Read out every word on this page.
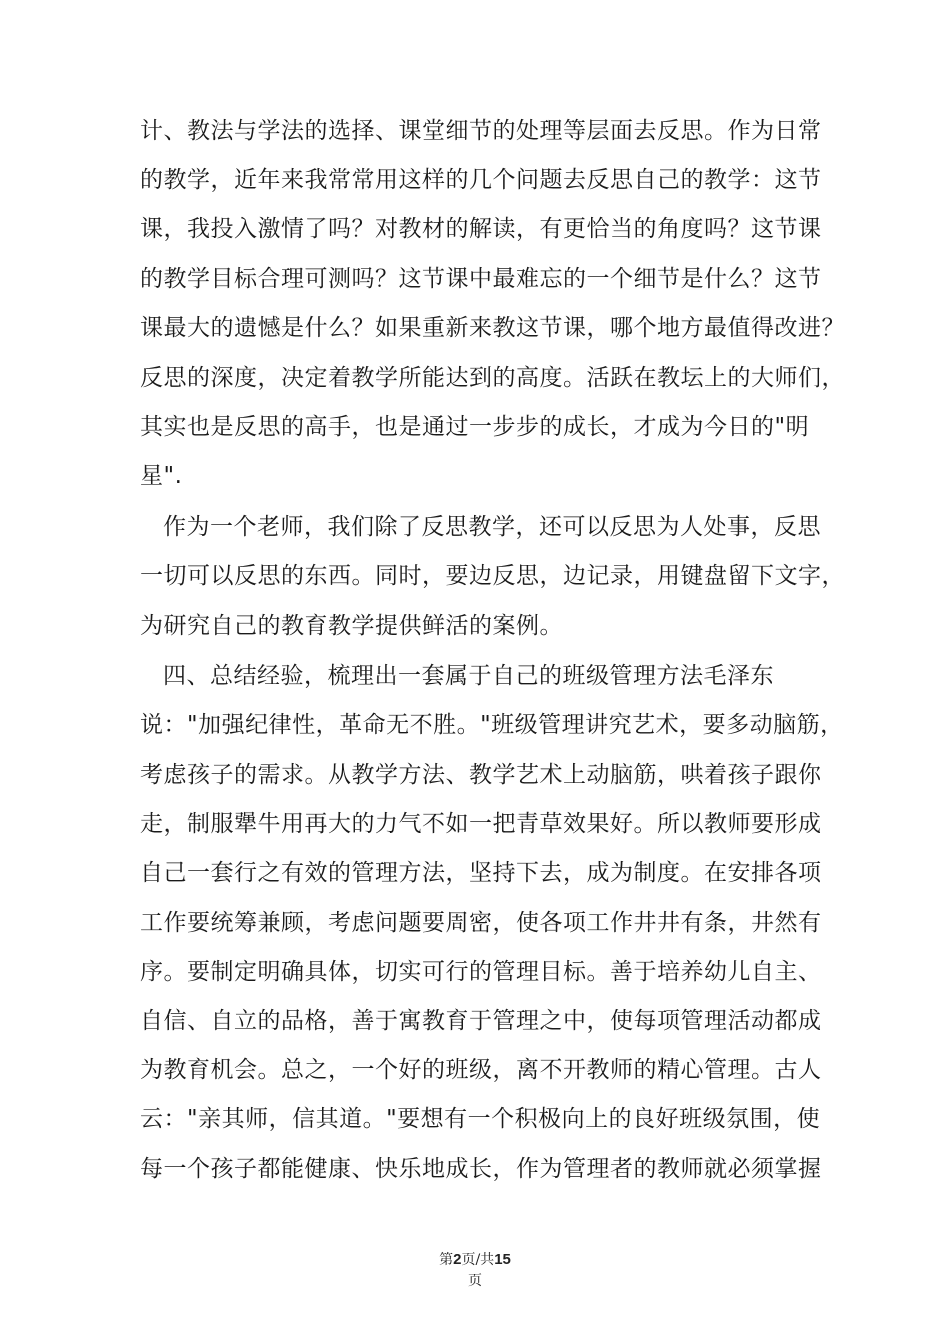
计、教法与学法的选择、课堂细节的处理等层面去反思。作为日常
的教学，近年来我常常用这样的几个问题去反思自己的教学：这节
课，我投入激情了吗？对教材的解读，有更恰当的角度吗？这节课
的教学目标合理可测吗？这节课中最难忘的一个细节是什么？这节
课最大的遗憾是什么？如果重新来教这节课，哪个地方最值得改进？
反思的深度，决定着教学所能达到的高度。活跃在教坛上的大师们，
其实也是反思的高手，也是通过一步步的成长，才成为今日的"明
星".
作为一个老师，我们除了反思教学，还可以反思为人处事，反思
一切可以反思的东西。同时，要边反思，边记录，用键盘留下文字，
为研究自己的教育教学提供鲜活的案例。
四、总结经验，梳理出一套属于自己的班级管理方法毛泽东
说："加强纪律性，革命无不胜。"班级管理讲究艺术，要多动脑筋，
考虑孩子的需求。从教学方法、教学艺术上动脑筋，哄着孩子跟你
走，制服犟牛用再大的力气不如一把青草效果好。所以教师要形成
自己一套行之有效的管理方法，坚持下去，成为制度。在安排各项
工作要统筹兼顾，考虑问题要周密，使各项工作井井有条，井然有
序。要制定明确具体，切实可行的管理目标。善于培养幼儿自主、
自信、自立的品格，善于寓教育于管理之中，使每项管理活动都成
为教育机会。总之，一个好的班级，离不开教师的精心管理。古人
云："亲其师，信其道。"要想有一个积极向上的良好班级氛围，使
每一个孩子都能健康、快乐地成长，作为管理者的教师就必须掌握
第2页/共15
页
